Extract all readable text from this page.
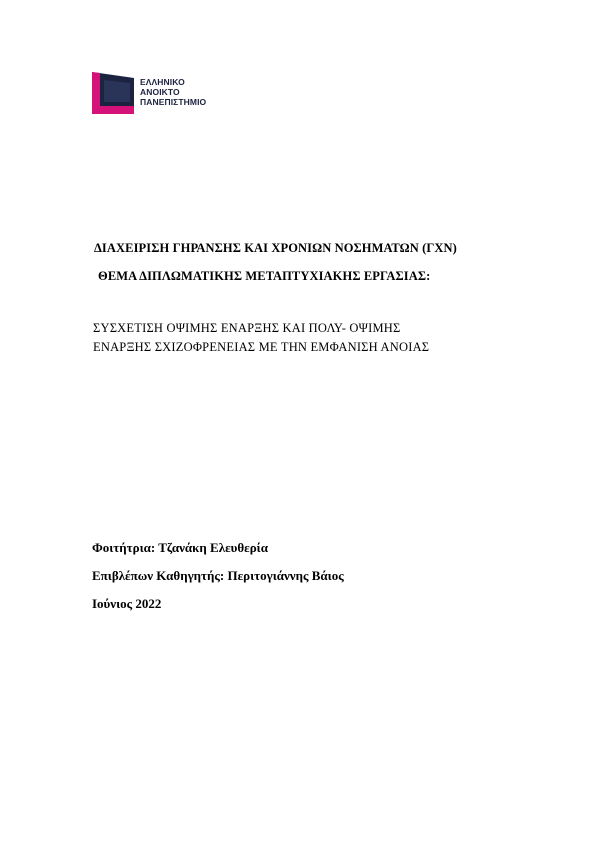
ΕΛΛΗΝΙΚΟ
ΑΝΟΙΚΤΟ
ΠΑΝΕΠΙΣΤΗΜΙΟ
ΔΙΑΧΕΙΡΙΣΗ ΓΗΡΑΝΣΗΣ ΚΑΙ ΧΡΟΝΙΩΝ ΝΟΣΗΜΑΤΩΝ (ΓΧΝ)
ΘΕΜΑ ΔΙΠΛΩΜΑΤΙΚΗΣ ΜΕΤΑΠΤΥΧΙΑΚΗΣ ΕΡΓΑΣΙΑΣ:
ΣΥΣΧΕΤΙΣΗ ΟΨΙΜΗΣ ΕΝΑΡΞΗΣ ΚΑΙ ΠΟΛΥ- ΟΨΙΜΗΣ
ΕΝΑΡΞΗΣ ΣΧΙΖΟΦΡΕΝΕΙΑΣ ΜΕ ΤΗΝ ΕΜΦΑΝΙΣΗ ΑΝΟΙΑΣ
Φοιτήτρια: Τζανάκη Ελευθερία
Επιβλέπων Καθηγητής: Περιτογιάννης Βάιος
Ιούνιος 2022
